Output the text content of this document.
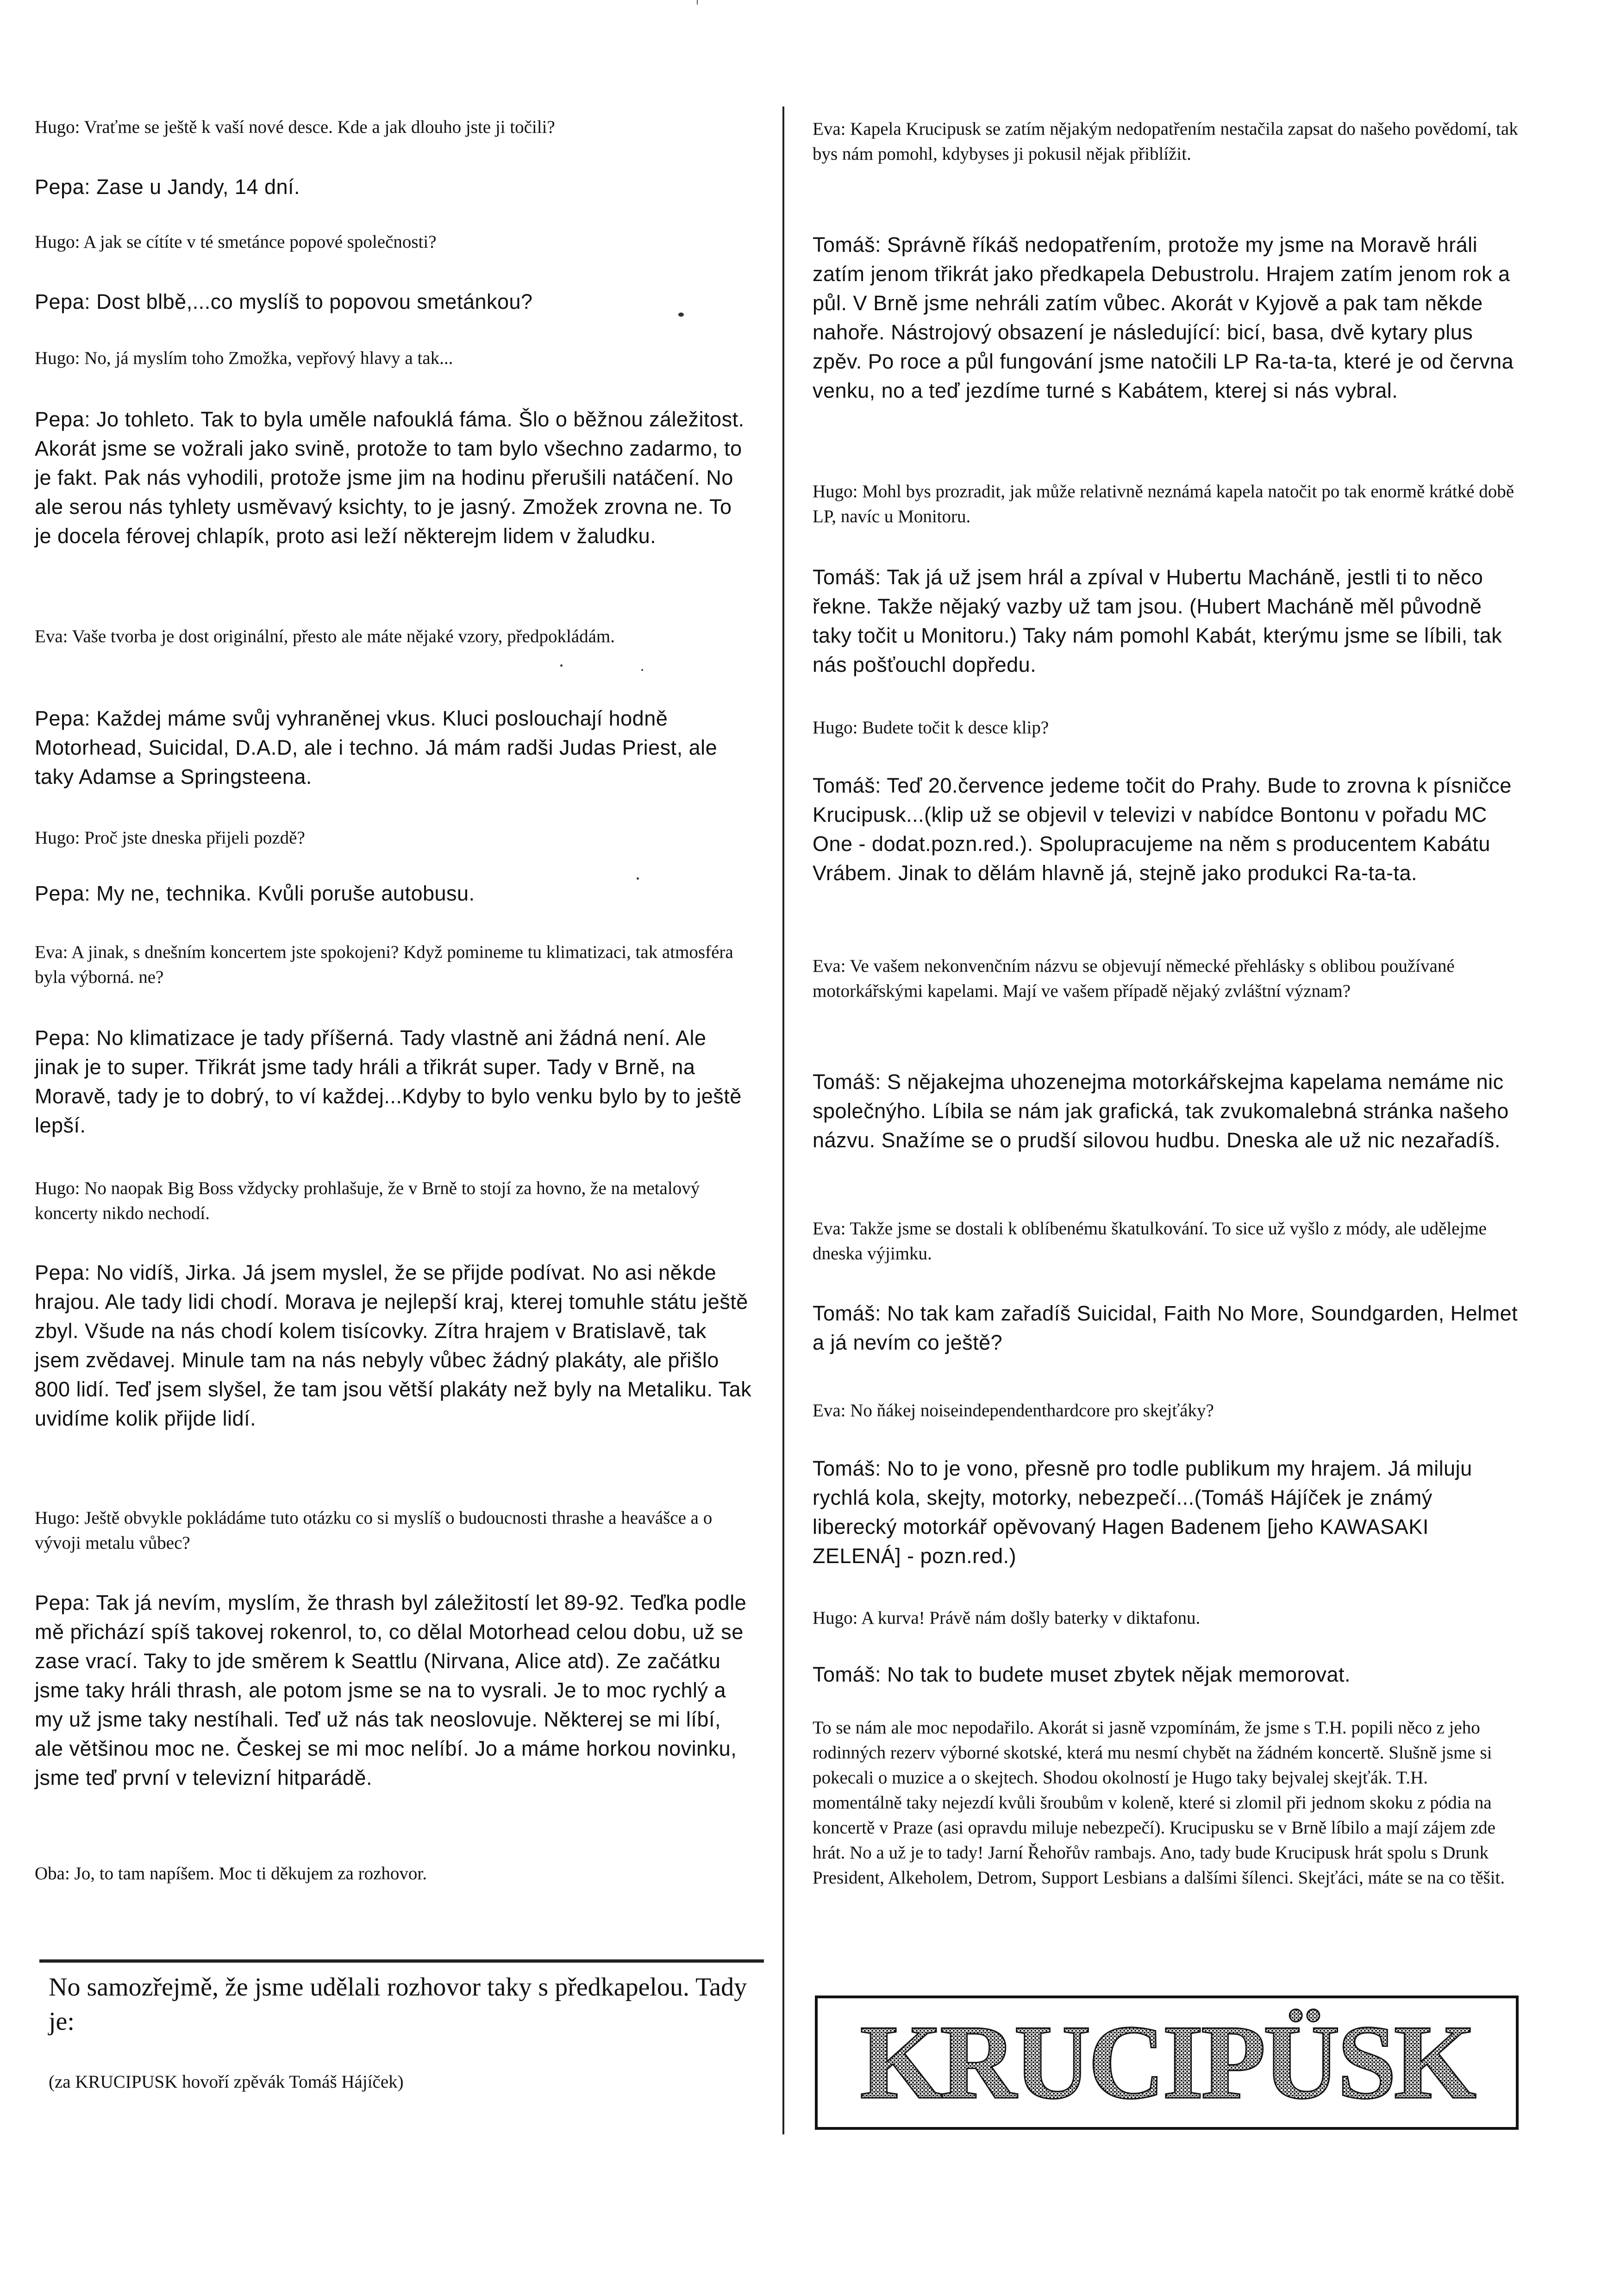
Hugo: Vraťme se ještě k vaší nové desce. Kde a jak dlouho jste ji točili?

Pepa: Zase u Jandy, 14 dní.

Hugo: A jak se cítíte v té smetánce popové společnosti?

Pepa: Dost blbě,...co myslíš to popovou smetánkou?

Hugo: No, já myslím toho Zmožka, vepřový hlavy a tak...

Pepa: Jo tohleto. Tak to byla uměle nafouklá fáma. Šlo o běžnou záležitost. Akorát jsme se vožrali jako svině, protože to tam bylo všechno zadarmo, to je fakt. Pak nás vyhodili, protože jsme jim na hodinu přerušili natáčení. No ale serou nás tyhlety usměvavý ksichty, to je jasný. Zmožek zrovna ne. To je docela férovej chlapík, proto asi leží některejm lidem v žaludku.

Eva: Vaše tvorba je dost originální, přesto ale máte nějaké vzory, předpokládám.

Pepa: Každej máme svůj vyhraněnej vkus. Kluci poslouchají hodně Motorhead, Suicidal, D.A.D, ale i techno. Já mám radši Judas Priest, ale taky Adamse a Springsteena.

Hugo: Proč jste dneska přijeli pozdě?

Pepa: My ne, technika. Kvůli poruše autobusu.

Eva: A jinak, s dnešním koncertem jste spokojeni? Když pomineme tu klimatizaci, tak atmosféra byla výborná. ne?

Pepa: No klimatizace je tady příšerná. Tady vlastně ani žádná není. Ale jinak je to super. Třikrát jsme tady hráli a třikrát super. Tady v Brně, na Moravě, tady je to dobrý, to ví každej...Kdyby to bylo venku bylo by to ještě lepší.

Hugo: No naopak Big Boss vždycky prohlašuje, že v Brně to stojí za hovno, že na metalový koncerty nikdo nechodí.

Pepa: No vidíš, Jirka. Já jsem myslel, že se přijde podívat. No asi někde hrajou. Ale tady lidi chodí. Morava je nejlepší kraj, kterej tomuhle státu ještě zbyl. Všude na nás chodí kolem tisícovky. Zítra hrajem v Bratislavě, tak jsem zvědavej. Minule tam na nás nebyly vůbec žádný plakáty, ale přišlo 800 lidí. Teď jsem slyšel, že tam jsou větší plakáty než byly na Metaliku. Tak uvidíme kolik přijde lidí.

Hugo: Ještě obvykle pokládáme tuto otázku co si myslíš o budoucnosti thrashe a heavášce a o vývoji metalu vůbec?

Pepa: Tak já nevím, myslím, že thrash byl záležitostí let 89-92. Teďka podle mě přichází spíš takovej rokenrol, to, co dělal Motorhead celou dobu, už se zase vrací. Taky to jde směrem k Seattlu (Nirvana, Alice atd). Ze začátku jsme taky hráli thrash, ale potom jsme se na to vysrali. Je to moc rychlý a my už jsme taky nestíhali. Teď už nás tak neoslovuje. Některej se mi líbí, ale většinou moc ne. Českej se mi moc nelíbí. Jo a máme horkou novinku, jsme teď první v televizní hitparádě.

Oba: Jo, to tam napíšem. Moc ti děkujem za rozhovor.

Eva: Kapela Krucipusk se zatím nějakým nedopatřením nestačila zapsat do našeho povědomí, tak bys nám pomohl, kdybyses ji pokusil nějak přiblížit.

Tomáš: Správně říkáš nedopatřením, protože my jsme na Moravě hráli zatím jenom třikrát jako předkapela Debustrolu. Hrajem zatím jenom rok a půl. V Brně jsme nehráli zatím vůbec. Akorát v Kyjově a pak tam někde nahoře. Nástrojový obsazení je následující: bicí, basa, dvě kytary plus zpěv. Po roce a půl fungování jsme natočili LP Ra-ta-ta, které je od června venku, no a teď jezdíme turné s Kabátem, kterej si nás vybral.

Hugo: Mohl bys prozradit, jak může relativně neznámá kapela natočit po tak enormě krátké době LP, navíc u Monitoru.

Tomáš: Tak já už jsem hrál a zpíval v Hubertu Machánĕ, jestli ti to něco řekne. Takže nějaký vazby už tam jsou. (Hubert Machánĕ měl původně taky točit u Monitoru.) Taky nám pomohl Kabát, kterýmu jsme se líbili, tak nás pošťouchl dopředu.

Hugo: Budete točit k desce klip?

Tomáš: Teď 20.července jedeme točit do Prahy. Bude to zrovna k písničce Krucipusk...(klip už se objevil v televizi v nabídce Bontonu v pořadu MC One - dodat.pozn.red.). Spolupracujeme na něm s producentem Kabátu Vrábem. Jinak to dělám hlavně já, stejně jako produkci Ra-ta-ta.

Eva: Ve vašem nekonvenčním názvu se objevují německé přehlásky s oblibou používané motorkářskými kapelami. Mají ve vašem případě nějaký zvláštní význam?

Tomáš: S nějakejma uhozenejma motorkářskejma kapelama nemáme nic společnýho. Líbila se nám jak grafická, tak zvukomalebná stránka našeho názvu. Snažíme se o prudší silovou hudbu. Dneska ale už nic nezařadíš.

Eva: Takže jsme se dostali k oblíbenému škatulkování. To sice už vyšlo z módy, ale udělejme dneska výjimku.

Tomáš: No tak kam zařadíš Suicidal, Faith No More, Soundgarden, Helmet a já nevím co ještě?

Eva: No ňákej noiseindependenthardcore pro skejťáky?

Tomáš: No to je vono, přesně pro todle publikum my hrajem. Já miluju rychlá kola, skejty, motorky, nebezpečí...(Tomáš Hájíček je známý liberecký motorkář opěvovaný Hagen Badenem [jeho KAWASAKI ZELENÁ] - pozn.red.)

Hugo: A kurva! Právě nám došly baterky v diktafonu.

Tomáš: No tak to budete muset zbytek nějak memorovat.

To se nám ale moc nepodařilo. Akorát si jasně vzpomínám, že jsme s T.H. popili něco z jeho rodinných rezerv výborné skotské, která mu nesmí chybět na žádném koncertě. Slušně jsme si pokecali o muzice a o skejtech. Shodou okolností je Hugo taky bejvalej skejťák. T.H. momentálně taky nejezdí kvůli šroubům v koleně, které si zlomil při jednom skoku z pódia na koncertě v Praze (asi opravdu miluje nebezpečí). Krucipusku se v Brně líbilo a mají zájem zde hrát. No a už je to tady! Jarní Řehořův rambajs. Ano, tady bude Krucipusk hrát spolu s Drunk President, Alkeholem, Detrom, Support Lesbians a dalšími šílenci. Skejťáci, máte se na co těšit.

No samozřejmě, že jsme udělali rozhovor taky s předkapelou. Tady je:

(za KRUCIPUSK hovoří zpěvák Tomáš Hájíček)	KRUCIPÜSK
